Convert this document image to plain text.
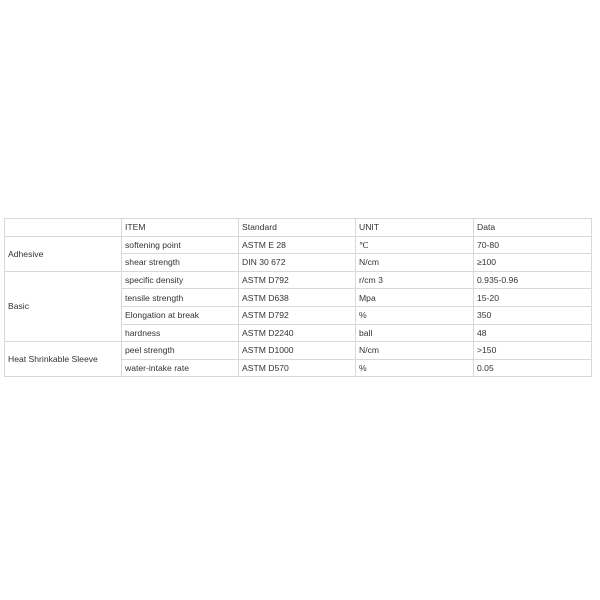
	ITEM	Standard	UNIT	Data
Adhesive	softening point	ASTM E 28	℃	70-80
	shear strength	DIN 30 672	N/cm	≥100
Basic	specific density	ASTM D792	r/cm 3	0.935-0.96
	tensile strength	ASTM D638	Mpa	15-20
	Elongation at break	ASTM D792	%	350
	hardness	ASTM D2240	ball	48
Heat Shrinkable Sleeve	peel strength	ASTM D1000	N/cm	>150
	water-intake rate	ASTM D570	%	0.05
